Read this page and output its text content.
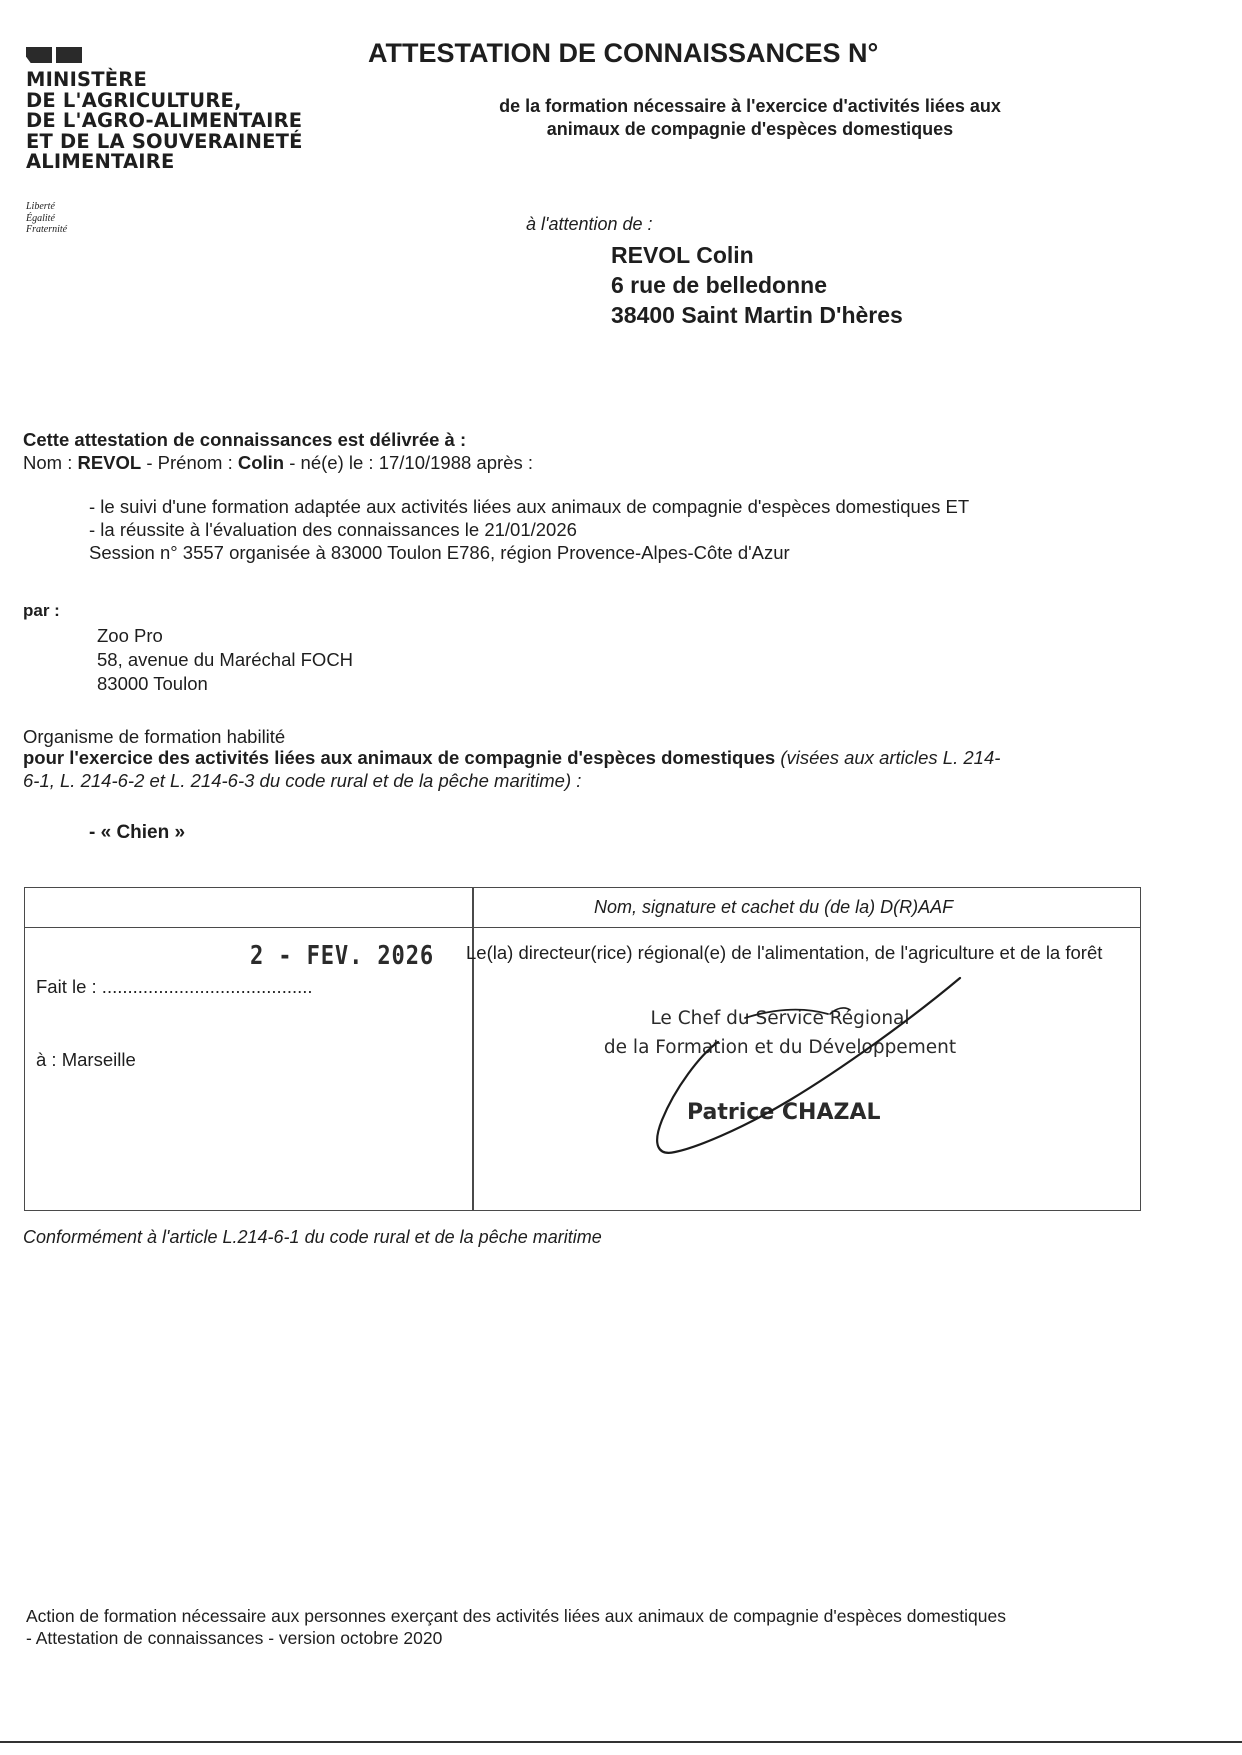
MINISTÈRE
DE L'AGRICULTURE,
DE L'AGRO-ALIMENTAIRE
ET DE LA SOUVERAINETÉ
ALIMENTAIRE
Liberté
Égalité
Fraternité
ATTESTATION DE CONNAISSANCES N°
de la formation nécessaire à l'exercice d'activités liées aux
animaux de compagnie d'espèces domestiques
à l'attention de :
REVOL Colin
6 rue de belledonne
38400 Saint Martin D'hères
Cette attestation de connaissances est délivrée à :
Nom : REVOL - Prénom : Colin - né(e) le : 17/10/1988 après :
- le suivi d'une formation adaptée aux activités liées aux animaux de compagnie d'espèces domestiques ET
- la réussite à l'évaluation des connaissances le 21/01/2026
Session n° 3557 organisée à 83000 Toulon E786, région Provence-Alpes-Côte d'Azur
par :
Zoo Pro
58, avenue du Maréchal FOCH
83000 Toulon
Organisme de formation habilité
pour l'exercice des activités liées aux animaux de compagnie d'espèces domestiques (visées aux articles L. 214-
6-1, L. 214-6-2 et L. 214-6-3 du code rural et de la pêche maritime) :
- « Chien »
Nom, signature et cachet du (de la) D(R)AAF
2 - FEV. 2026
Fait le : .........................................
à : Marseille
Le(la) directeur(rice) régional(e) de l'alimentation, de l'agriculture et de la forêt
Le Chef du Service Régional
de la Formation et du Développement
Patrice CHAZAL
Conformément à l'article L.214-6-1 du code rural et de la pêche maritime
Action de formation nécessaire aux personnes exerçant des activités liées aux animaux de compagnie d'espèces domestiques
- Attestation de connaissances - version octobre 2020
